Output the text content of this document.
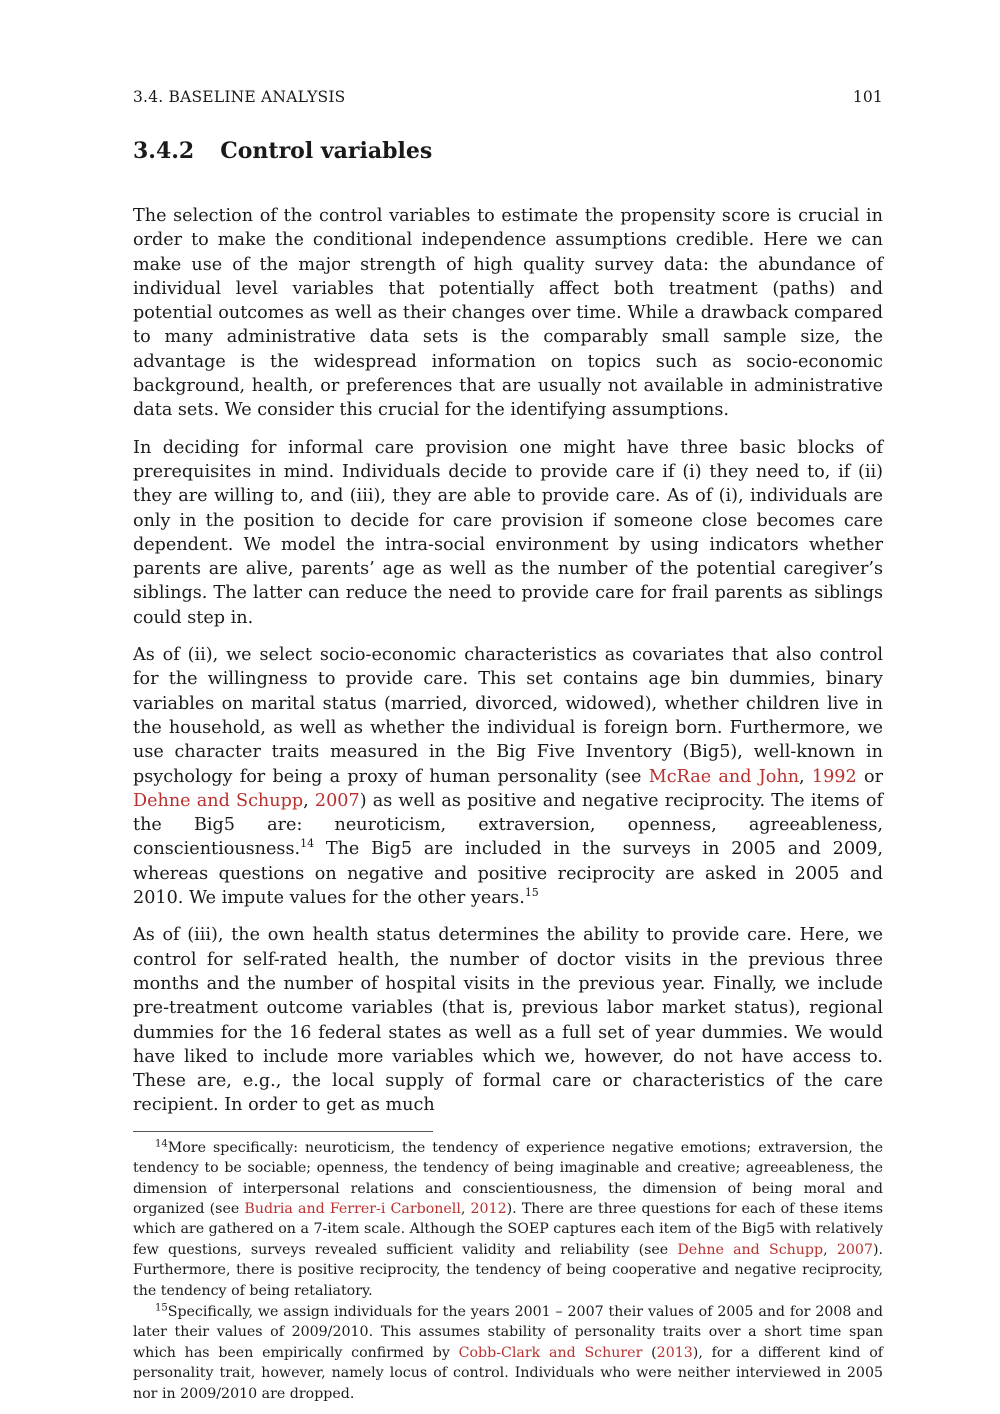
3.4. BASELINE ANALYSIS	101
3.4.2 Control variables

The selection of the control variables to estimate the propensity score is crucial in order to make the conditional independence assumptions credible. Here we can make use of the major strength of high quality survey data: the abundance of individual level variables that potentially affect both treatment (paths) and potential outcomes as well as their changes over time. While a drawback compared to many administrative data sets is the comparably small sample size, the advantage is the widespread information on topics such as socio-economic background, health, or preferences that are usually not available in administrative data sets. We consider this crucial for the identifying assumptions.

In deciding for informal care provision one might have three basic blocks of prerequisites in mind. Individuals decide to provide care if (i) they need to, if (ii) they are willing to, and (iii), they are able to provide care. As of (i), individuals are only in the position to decide for care provision if someone close becomes care dependent. We model the intra-social environment by using indicators whether parents are alive, parents’ age as well as the number of the potential caregiver’s siblings. The latter can reduce the need to provide care for frail parents as siblings could step in.

As of (ii), we select socio-economic characteristics as covariates that also control for the willingness to provide care. This set contains age bin dummies, binary variables on marital status (married, divorced, widowed), whether children live in the household, as well as whether the individual is foreign born. Furthermore, we use character traits measured in the Big Five Inventory (Big5), well-known in psychology for being a proxy of human personality (see McRae and John, 1992 or Dehne and Schupp, 2007) as well as positive and negative reciprocity. The items of the Big5 are: neuroticism, extraversion, openness, agreeableness, conscientiousness.$^{14}$ The Big5 are included in the surveys in 2005 and 2009, whereas questions on negative and positive reciprocity are asked in 2005 and 2010. We impute values for the other years.$^{15}$

As of (iii), the own health status determines the ability to provide care. Here, we control for self-rated health, the number of doctor visits in the previous three months and the number of hospital visits in the previous year. Finally, we include pre-treatment outcome variables (that is, previous labor market status), regional dummies for the 16 federal states as well as a full set of year dummies. We would have liked to include more variables which we, however, do not have access to. These are, e.g., the local supply of formal care or characteristics of the care recipient. In order to get as much

$^{14}$More specifically: neuroticism, the tendency of experience negative emotions; extraversion, the tendency to be sociable; openness, the tendency of being imaginable and creative; agreeableness, the dimension of interpersonal relations and conscientiousness, the dimension of being moral and organized (see Budria and Ferrer-i Carbonell, 2012). There are three questions for each of these items which are gathered on a 7-item scale. Although the SOEP captures each item of the Big5 with relatively few questions, surveys revealed sufficient validity and reliability (see Dehne and Schupp, 2007). Furthermore, there is positive reciprocity, the tendency of being cooperative and negative reciprocity, the tendency of being retaliatory.

$^{15}$Specifically, we assign individuals for the years 2001 – 2007 their values of 2005 and for 2008 and later their values of 2009/2010. This assumes stability of personality traits over a short time span which has been empirically confirmed by Cobb-Clark and Schurer (2013), for a different kind of personality trait, however, namely locus of control. Individuals who were neither interviewed in 2005 nor in 2009/2010 are dropped.
